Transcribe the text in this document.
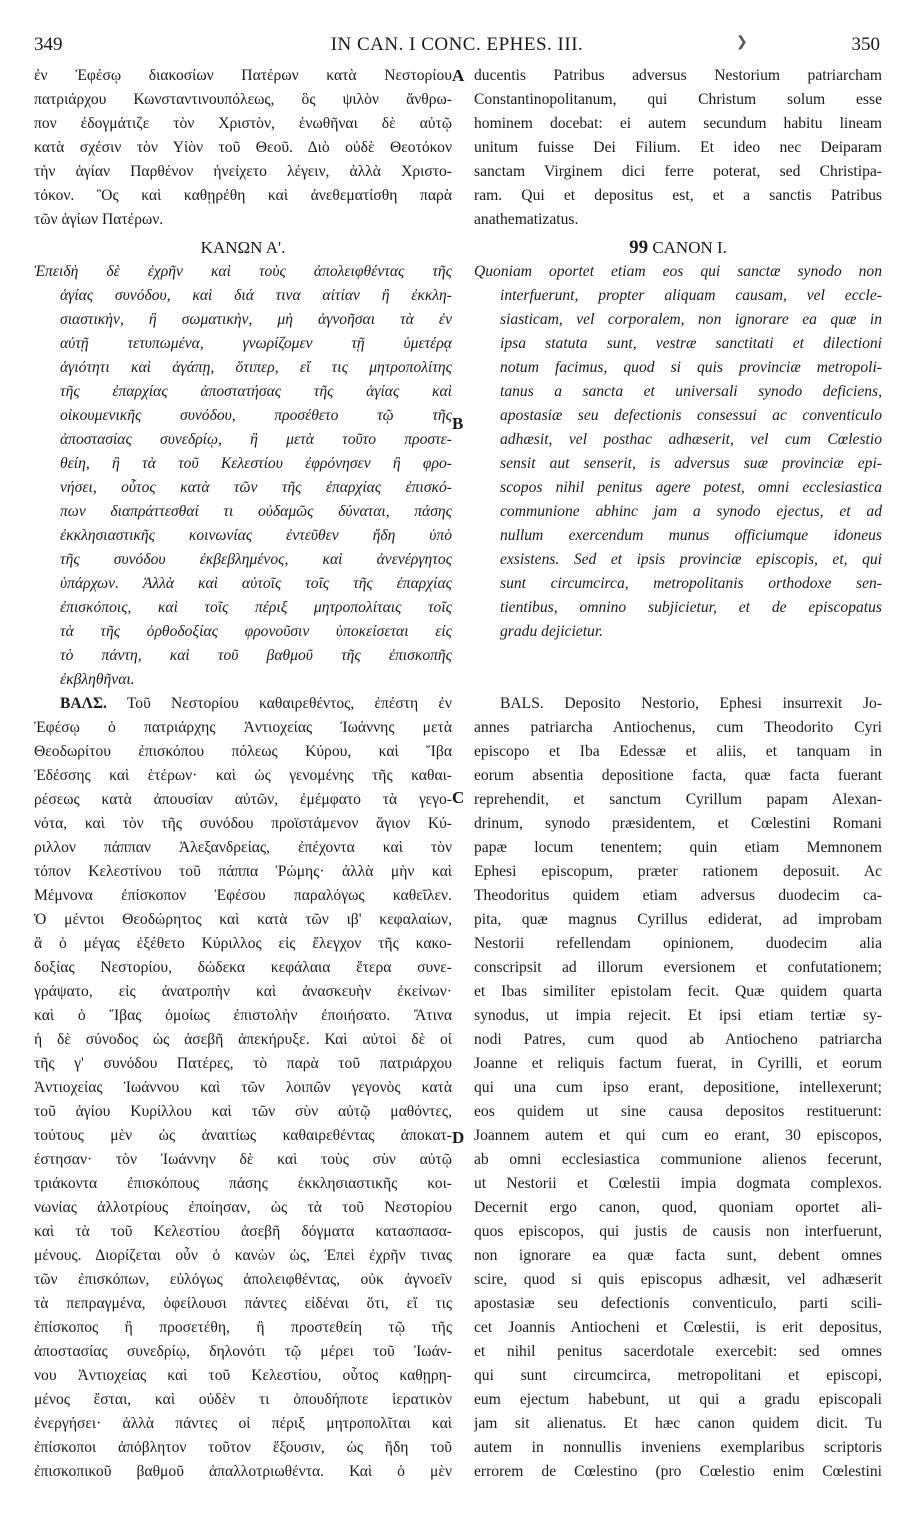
349	IN CAN. I CONC. EPHES. III.	❯	350
A
B
C
D
ἐν Ἐφέσῳ διακοσίων Πατέρων κατὰ Νεστορίου
πατριάρχου Κωνσταντινουπόλεως, ὃς ψιλὸν ἄνθρω-
πον ἐδογμάτιζε τὸν Χριστὸν, ἑνωθῆναι δὲ αὐτῷ
κατὰ σχέσιν τὸν Υἱὸν τοῦ Θεοῦ. Διὸ οὐδὲ Θεοτόκον
τὴν ἁγίαν Παρθένον ἠνείχετο λέγειν, ἀλλὰ Χριστο-
τόκον. Ὃς καὶ καθῃρέθη καὶ ἀνεθεματίσθη παρὰ
τῶν ἁγίων Πατέρων.
ΚΑΝΩΝ Α'.
Ἐπειδὴ δὲ ἐχρῆν καὶ τοὺς ἀπολειφθέντας τῆς
ἁγίας συνόδου, καὶ διά τινα αἰτίαν ἢ ἐκκλη-
σιαστικὴν, ἢ σωματικὴν, μὴ ἀγνοῆσαι τὰ ἐν
αὐτῇ τετυπωμένα, γνωρίζομεν τῇ ὑμετέρᾳ
ἁγιότητι καὶ ἀγάπῃ, ὅτιπερ, εἴ τις μητροπολίτης
τῆς ἐπαρχίας ἀποστατήσας τῆς ἁγίας καὶ
οἰκουμενικῆς συνόδου, προσέθετο τῷ τῆς
ἀποστασίας συνεδρίῳ, ἢ μετὰ τοῦτο προστε-
θείη, ἢ τὰ τοῦ Κελεστίου ἐφρόνησεν ἢ φρο-
νήσει, οὗτος κατὰ τῶν τῆς ἐπαρχίας ἐπισκό-
πων διαπράττεσθαί τι οὐδαμῶς δύναται, πάσης
ἐκκλησιαστικῆς κοινωνίας ἐντεῦθεν ἤδη ὑπὸ
τῆς συνόδου ἐκβεβλημένος, καὶ ἀνενέργητος
ὑπάρχων. Ἀλλὰ καὶ αὐτοῖς τοῖς τῆς ἐπαρχίας
ἐπισκόποις, καὶ τοῖς πέριξ μητροπολίταις τοῖς
τὰ τῆς ὀρθοδοξίας φρονοῦσιν ὑποκείσεται εἰς
τὸ πάντη, καὶ τοῦ βαθμοῦ τῆς ἐπισκοπῆς
ἐκβληθῆναι.
ΒΑΛΣ. Τοῦ Νεστορίου καθαιρεθέντος, ἐπέστη ἐν
Ἐφέσῳ ὁ πατριάρχης Ἀντιοχείας Ἰωάννης μετὰ
Θεοδωρίτου ἐπισκόπου πόλεως Κύρου, καὶ Ἴβα
Ἐδέσσης καὶ ἑτέρων· καὶ ὡς γενομένης τῆς καθαι-
ρέσεως κατὰ ἀπουσίαν αὐτῶν, ἐμέμφατο τὰ γεγο-
νότα, καὶ τὸν τῆς συνόδου προϊστάμενον ἅγιον Κύ-
ριλλον πάππαν Ἀλεξανδρείας, ἐπέχοντα καὶ τὸν
τόπον Κελεστίνου τοῦ πάππα Ῥώμης· ἀλλὰ μὴν καὶ
Μέμνονα ἐπίσκοπον Ἐφέσου παραλόγως καθεῖλεν.
Ὁ μέντοι Θεοδώρητος καὶ κατὰ τῶν ιβ' κεφαλαίων,
ἃ ὁ μέγας ἐξέθετο Κύριλλος εἰς ἔλεγχον τῆς κακο-
δοξίας Νεστορίου, δώδεκα κεφάλαια ἕτερα συνε-
γράψατο, εἰς ἀνατροπὴν καὶ ἀνασκευὴν ἐκείνων·
καὶ ὁ Ἴβας ὁμοίως ἐπιστολὴν ἐποιήσατο. Ἅτινα
ἡ δὲ σύνοδος ὡς ἀσεβῆ ἀπεκήρυξε. Καὶ αὐτοὶ δὲ οἱ
τῆς γ' συνόδου Πατέρες, τὸ παρὰ τοῦ πατριάρχου
Ἀντιοχείας Ἰωάννου καὶ τῶν λοιπῶν γεγονὸς κατὰ
τοῦ ἁγίου Κυρίλλου καὶ τῶν σὺν αὐτῷ μαθόντες,
τούτους μὲν ὡς ἀναιτίως καθαιρεθέντας ἀποκατ-
έστησαν· τὸν Ἰωάννην δὲ καὶ τοὺς σὺν αὐτῷ
τριάκοντα ἐπισκόπους πάσης ἐκκλησιαστικῆς κοι-
νωνίας ἀλλοτρίους ἐποίησαν, ὡς τὰ τοῦ Νεστορίου
καὶ τὰ τοῦ Κελεστίου ἀσεβῆ δόγματα κατασπασα-
μένους. Διορίζεται οὖν ὁ κανὼν ὡς, Ἐπεὶ ἐχρῆν τινας
τῶν ἐπισκόπων, εὐλόγως ἀπολειφθέντας, οὐκ ἀγνοεῖν
τὰ πεπραγμένα, ὀφείλουσι πάντες εἰδέναι ὅτι, εἴ τις
ἐπίσκοπος ἢ προσετέθη, ἢ προστεθείη τῷ τῆς
ἀποστασίας συνεδρίῳ, δηλονότι τῷ μέρει τοῦ Ἰωάν-
νου Ἀντιοχείας καὶ τοῦ Κελεστίου, οὗτος καθῃρη-
μένος ἔσται, καὶ οὐδὲν τι ὁπουδήποτε ἱερατικὸν
ἐνεργήσει· ἀλλὰ πάντες οἱ πέριξ μητροπολῖται καὶ
ἐπίσκοποι ἀπόβλητον τοῦτον ἕξουσιν, ὡς ἤδη τοῦ
ἐπισκοπικοῦ βαθμοῦ ἀπαλλοτριωθέντα. Καὶ ὁ μὲν
ducentis Patribus adversus Nestorium patriarcham
Constantinopolitanum, qui Christum solum esse
hominem docebat: ei autem secundum habitu lineam
unitum fuisse Dei Filium. Et ideo nec Deiparam
sanctam Virginem dici ferre poterat, sed Christipa-
ram. Qui et depositus est, et a sanctis Patribus
anathematizatus.
99 CANON I.
Quoniam oportet etiam eos qui sanctæ synodo non
interfuerunt, propter aliquam causam, vel eccle-
siasticam, vel corporalem, non ignorare ea quæ in
ipsa statuta sunt, vestræ sanctitati et dilectioni
notum facimus, quod si quis provinciæ metropoli-
tanus a sancta et universali synodo deficiens,
apostasiæ seu defectionis consessui ac conventiculo
adhæsit, vel posthac adhæserit, vel cum Cœlestio
sensit aut senserit, is adversus suæ provinciæ epi-
scopos nihil penitus agere potest, omni ecclesiastica
communione abhinc jam a synodo ejectus, et ad
nullum exercendum munus officiumque idoneus
exsistens. Sed et ipsis provinciæ episcopis, et, qui
sunt circumcirca, metropolitanis orthodoxe sen-
tientibus, omnino subjicietur, et de episcopatus
gradu dejicietur.
BALS. Deposito Nestorio, Ephesi insurrexit Jo-
annes patriarcha Antiochenus, cum Theodorito Cyri
episcopo et Iba Edessæ et aliis, et tanquam in
eorum absentia depositione facta, quæ facta fuerant
reprehendit, et sanctum Cyrillum papam Alexan-
drinum, synodo præsidentem, et Cœlestini Romani
papæ locum tenentem; quin etiam Memnonem
Ephesi episcopum, præter rationem deposuit. Ac
Theodoritus quidem etiam adversus duodecim ca-
pita, quæ magnus Cyrillus ediderat, ad improbam
Nestorii refellendam opinionem, duodecim alia
conscripsit ad illorum eversionem et confutationem;
et Ibas similiter epistolam fecit. Quæ quidem quarta
synodus, ut impia rejecit. Et ipsi etiam tertiæ sy-
nodi Patres, cum quod ab Antiocheno patriarcha
Joanne et reliquis factum fuerat, in Cyrilli, et eorum
qui una cum ipso erant, depositione, intellexerunt;
eos quidem ut sine causa depositos restituerunt:
Joannem autem et qui cum eo erant, 30 episcopos,
ab omni ecclesiastica communione alienos fecerunt,
ut Nestorii et Cœlestii impia dogmata complexos.
Decernit ergo canon, quod, quoniam oportet ali-
quos episcopos, qui justis de causis non interfuerunt,
non ignorare ea quæ facta sunt, debent omnes
scire, quod si quis episcopus adhæsit, vel adhæserit
apostasiæ seu defectionis conventiculo, parti scili-
cet Joannis Antiocheni et Cœlestii, is erit depositus,
et nihil penitus sacerdotale exercebit: sed omnes
qui sunt circumcirca, metropolitani et episcopi,
eum ejectum habebunt, ut qui a gradu episcopali
jam sit alienatus. Et hæc canon quidem dicit. Tu
autem in nonnullis inveniens exemplaribus scriptoris
errorem de Cœlestino (pro Cœlestio enim Cœlestini
